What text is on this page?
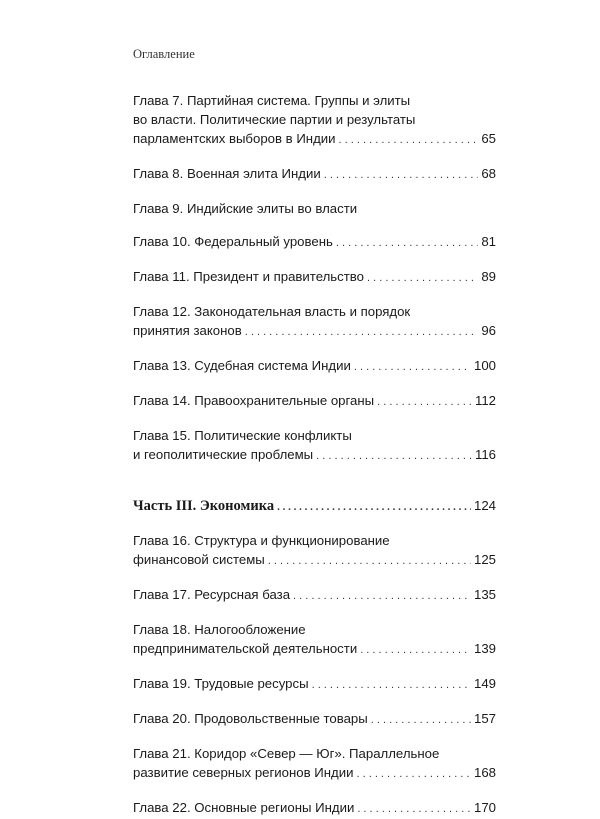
Оглавление
Глава 7. Партийная система. Группы и элиты
во власти. Политические партии и результаты
парламентских выборов в Индии . . .	65
Глава 8. Военная элита Индии . . .	68
Глава 9. Индийские элиты во власти
Глава 10. Федеральный уровень . . .	81
Глава 11. Президент и правительство . . .	89
Глава 12. Законодательная власть и порядок
принятия законов . . .	96
Глава 13. Судебная система Индии . . .	100
Глава 14. Правоохранительные органы . . .	112
Глава 15. Политические конфликты
и геополитические проблемы . . .	116
Часть III. Экономика . . .	124
Глава 16. Структура и функционирование
финансовой системы . . .	125
Глава 17. Ресурсная база . . .	135
Глава 18. Налогообложение
предпринимательской деятельности . . .	139
Глава 19. Трудовые ресурсы . . .	149
Глава 20. Продовольственные товары . . .	157
Глава 21. Коридор «Север — Юг». Параллельное
развитие северных регионов Индии . . .	168
Глава 22. Основные регионы Индии . . .	170
